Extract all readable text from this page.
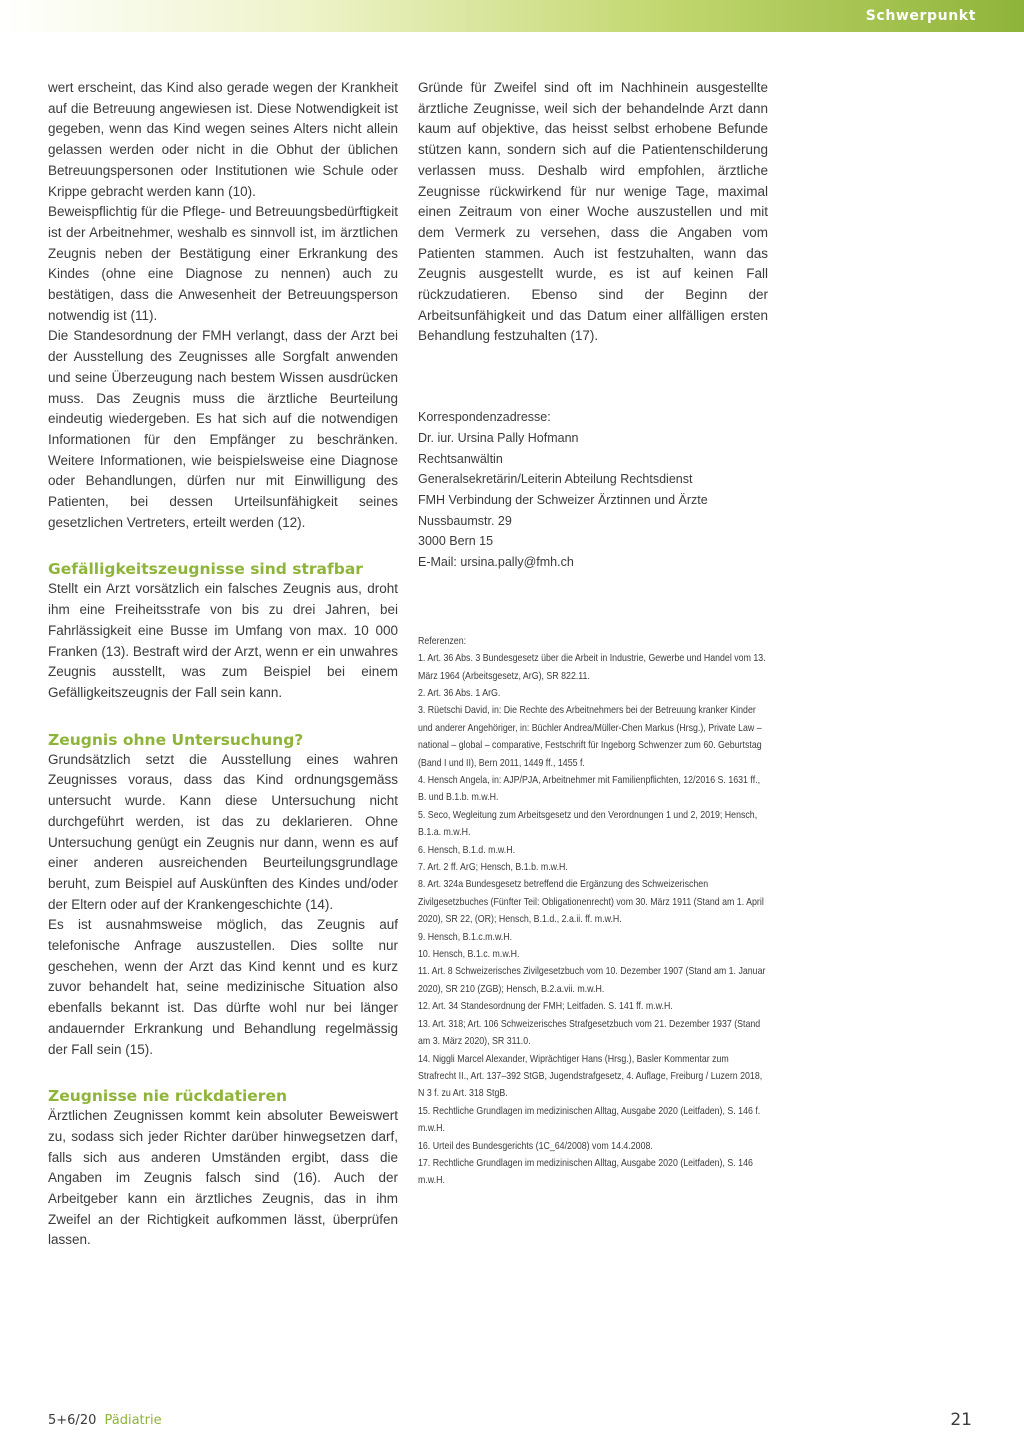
Schwerpunkt

wert erscheint, das Kind also gerade wegen der Krankheit auf die Betreuung angewiesen ist. Diese Notwendigkeit ist gegeben, wenn das Kind wegen seines Alters nicht allein gelassen werden oder nicht in die Obhut der üblichen Betreuungspersonen oder Institutionen wie Schule oder Krippe gebracht werden kann (10).

Beweispflichtig für die Pflege- und Betreuungsbedürftigkeit ist der Arbeitnehmer, weshalb es sinnvoll ist, im ärztlichen Zeugnis neben der Bestätigung einer Erkrankung des Kindes (ohne eine Diagnose zu nennen) auch zu bestätigen, dass die Anwesenheit der Betreuungsperson notwendig ist (11).

Die Standesordnung der FMH verlangt, dass der Arzt bei der Ausstellung des Zeugnisses alle Sorgfalt anwenden und seine Überzeugung nach bestem Wissen ausdrücken muss. Das Zeugnis muss die ärztliche Beurteilung eindeutig wiedergeben. Es hat sich auf die notwendigen Informationen für den Empfänger zu beschränken. Weitere Informationen, wie beispielsweise eine Diagnose oder Behandlungen, dürfen nur mit Einwilligung des Patienten, bei dessen Urteilsunfähigkeit seines gesetzlichen Vertreters, erteilt werden (12).

Gefälligkeitszeugnisse sind strafbar

Stellt ein Arzt vorsätzlich ein falsches Zeugnis aus, droht ihm eine Freiheitsstrafe von bis zu drei Jahren, bei Fahrlässigkeit eine Busse im Umfang von max. 10 000 Franken (13). Bestraft wird der Arzt, wenn er ein unwahres Zeugnis ausstellt, was zum Beispiel bei einem Gefälligkeitszeugnis der Fall sein kann.

Zeugnis ohne Untersuchung?

Grundsätzlich setzt die Ausstellung eines wahren Zeugnisses voraus, dass das Kind ordnungsgemäss untersucht wurde. Kann diese Untersuchung nicht durchgeführt werden, ist das zu deklarieren. Ohne Untersuchung genügt ein Zeugnis nur dann, wenn es auf einer anderen ausreichenden Beurteilungsgrundlage beruht, zum Beispiel auf Auskünften des Kindes und/oder der Eltern oder auf der Krankengeschichte (14).

Es ist ausnahmsweise möglich, das Zeugnis auf telefonische Anfrage auszustellen. Dies sollte nur geschehen, wenn der Arzt das Kind kennt und es kurz zuvor behandelt hat, seine medizinische Situation also ebenfalls bekannt ist. Das dürfte wohl nur bei länger andauernder Erkrankung und Behandlung regelmässig der Fall sein (15).

Zeugnisse nie rückdatieren

Ärztlichen Zeugnissen kommt kein absoluter Beweiswert zu, sodass sich jeder Richter darüber hinwegsetzen darf, falls sich aus anderen Umständen ergibt, dass die Angaben im Zeugnis falsch sind (16). Auch der Arbeitgeber kann ein ärztliches Zeugnis, das in ihm Zweifel an der Richtigkeit aufkommen lässt, überprüfen lassen.

Gründe für Zweifel sind oft im Nachhinein ausgestellte ärztliche Zeugnisse, weil sich der behandelnde Arzt dann kaum auf objektive, das heisst selbst erhobene Befunde stützen kann, sondern sich auf die Patientenschilderung verlassen muss. Deshalb wird empfohlen, ärztliche Zeugnisse rückwirkend für nur wenige Tage, maximal einen Zeitraum von einer Woche auszustellen und mit dem Vermerk zu versehen, dass die Angaben vom Patienten stammen. Auch ist festzuhalten, wann das Zeugnis ausgestellt wurde, es ist auf keinen Fall rückzudatieren. Ebenso sind der Beginn der Arbeitsunfähigkeit und das Datum einer allfälligen ersten Behandlung festzuhalten (17).

Korrespondenzadresse:
Dr. iur. Ursina Pally Hofmann
Rechtsanwältin
Generalsekretärin/Leiterin Abteilung Rechtsdienst
FMH Verbindung der Schweizer Ärztinnen und Ärzte
Nussbaumstr. 29
3000 Bern 15
E-Mail: ursina.pally@fmh.ch
Referenzen:

1. Art. 36 Abs. 3 Bundesgesetz über die Arbeit in Industrie, Gewerbe und Handel vom 13. März 1964 (Arbeitsgesetz, ArG), SR 822.11.

2. Art. 36 Abs. 1 ArG.

3. Rüetschi David, in: Die Rechte des Arbeitnehmers bei der Betreuung kranker Kinder und anderer Angehöriger, in: Büchler Andrea/Müller-Chen Markus (Hrsg.), Private Law – national – global – comparative, Festschrift für Ingeborg Schwenzer zum 60. Geburtstag (Band I und II), Bern 2011, 1449 ff., 1455 f.

4. Hensch Angela, in: AJP/PJA, Arbeitnehmer mit Familienpflichten, 12/2016 S. 1631 ff., B. und B.1.b. m.w.H.

5. Seco, Wegleitung zum Arbeitsgesetz und den Verordnungen 1 und 2, 2019; Hensch, B.1.a. m.w.H.

6. Hensch, B.1.d. m.w.H.

7. Art. 2 ff. ArG; Hensch, B.1.b. m.w.H.

8. Art. 324a Bundesgesetz betreffend die Ergänzung des Schweizerischen Zivilgesetzbuches (Fünfter Teil: Obligationenrecht) vom 30. März 1911 (Stand am 1. April 2020), SR 22, (OR); Hensch, B.1.d., 2.a.ii. ff. m.w.H.

9. Hensch, B.1.c.m.w.H.

10. Hensch, B.1.c. m.w.H.

11. Art. 8 Schweizerisches Zivilgesetzbuch vom 10. Dezember 1907 (Stand am 1. Januar 2020), SR 210 (ZGB); Hensch, B.2.a.vii. m.w.H.

12. Art. 34 Standesordnung der FMH; Leitfaden. S. 141 ff. m.w.H.

13. Art. 318; Art. 106 Schweizerisches Strafgesetzbuch vom 21. Dezember 1937 (Stand am 3. März 2020), SR 311.0.

14. Niggli Marcel Alexander, Wiprächtiger Hans (Hrsg.), Basler Kommentar zum Strafrecht II., Art. 137–392 StGB, Jugendstrafgesetz, 4. Auflage, Freiburg / Luzern 2018, N 3 f. zu Art. 318 StgB.

15. Rechtliche Grundlagen im medizinischen Alltag, Ausgabe 2020 (Leitfaden), S. 146 f. m.w.H.

16. Urteil des Bundesgerichts (1C_64/2008) vom 14.4.2008.

17. Rechtliche Grundlagen im medizinischen Alltag, Ausgabe 2020 (Leitfaden), S. 146 m.w.H.

5+6/20 Pädiatrie	21
